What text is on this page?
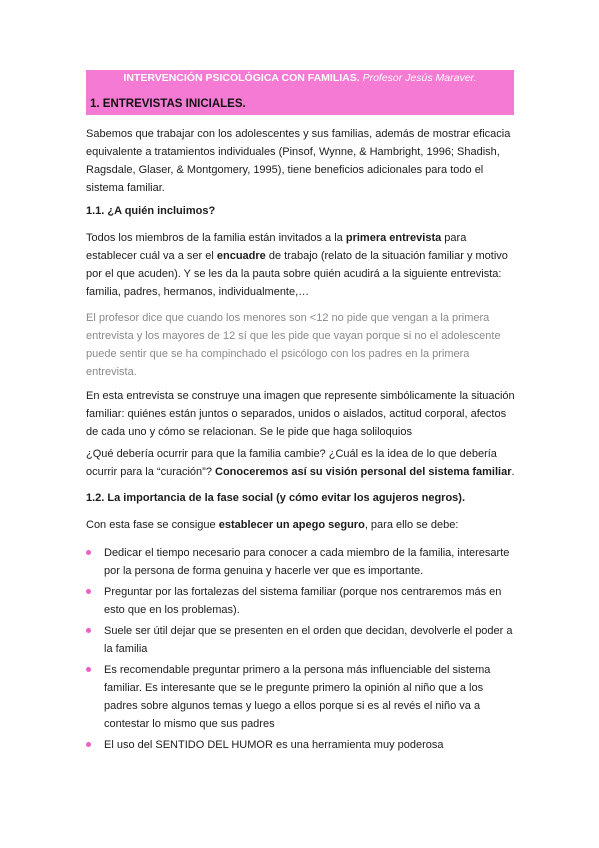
INTERVENCIÓN PSICOLÓGICA CON FAMILIAS. Profesor Jesús Maraver.
1. ENTREVISTAS INICIALES.

Sabemos que trabajar con los adolescentes y sus familias, además de mostrar eficacia equivalente a tratamientos individuales (Pinsof, Wynne, & Hambright, 1996; Shadish, Ragsdale, Glaser, & Montgomery, 1995), tiene beneficios adicionales para todo el sistema familiar.

1.1. ¿A quién incluimos?

Todos los miembros de la familia están invitados a la primera entrevista para establecer cuál va a ser el encuadre de trabajo (relato de la situación familiar y motivo por el que acuden). Y se les da la pauta sobre quién acudirá a la siguiente entrevista: familia, padres, hermanos, individualmente,…

El profesor dice que cuando los menores son <12 no pide que vengan a la primera entrevista y los mayores de 12 sí que les pide que vayan porque si no el adolescente puede sentir que se ha compinchado el psicólogo con los padres en la primera entrevista.

En esta entrevista se construye una imagen que represente simbólicamente la situación familiar: quiénes están juntos o separados, unidos o aislados, actitud corporal, afectos de cada uno y cómo se relacionan. Se le pide que haga soliloquios

¿Qué debería ocurrir para que la familia cambie? ¿Cuál es la idea de lo que debería ocurrir para la “curación”? Conoceremos así su visión personal del sistema familiar.

1.2. La importancia de la fase social (y cómo evitar los agujeros negros).

Con esta fase se consigue establecer un apego seguro, para ello se debe:

Dedicar el tiempo necesario para conocer a cada miembro de la familia, interesarte por la persona de forma genuina y hacerle ver que es importante.
Preguntar por las fortalezas del sistema familiar (porque nos centraremos más en esto que en los problemas).
Suele ser útil dejar que se presenten en el orden que decidan, devolverle el poder a la familia
Es recomendable preguntar primero a la persona más influenciable del sistema familiar. Es interesante que se le pregunte primero la opinión al niño que a los padres sobre algunos temas y luego a ellos porque si es al revés el niño va a contestar lo mismo que sus padres
El uso del SENTIDO DEL HUMOR es una herramienta muy poderosa
